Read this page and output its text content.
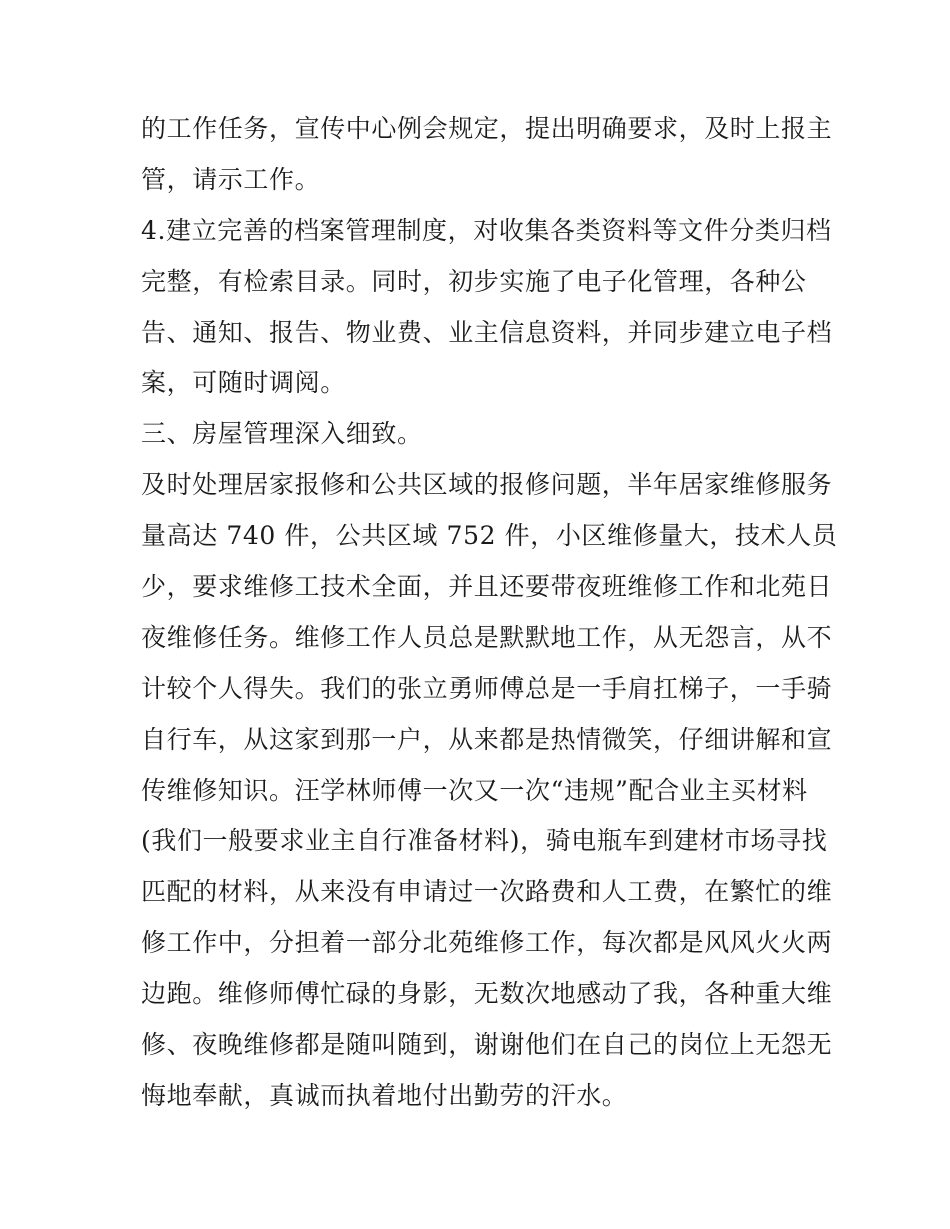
的工作任务，宣传中心例会规定，提出明确要求，及时上报主
管，请示工作。
4.建立完善的档案管理制度，对收集各类资料等文件分类归档
完整，有检索目录。同时，初步实施了电子化管理，各种公
告、通知、报告、物业费、业主信息资料，并同步建立电子档
案，可随时调阅。
三、房屋管理深入细致。
及时处理居家报修和公共区域的报修问题，半年居家维修服务
量高达 740 件，公共区域 752 件，小区维修量大，技术人员
少，要求维修工技术全面，并且还要带夜班维修工作和北苑日
夜维修任务。维修工作人员总是默默地工作，从无怨言，从不
计较个人得失。我们的张立勇师傅总是一手肩扛梯子，一手骑
自行车，从这家到那一户，从来都是热情微笑，仔细讲解和宣
传维修知识。汪学林师傅一次又一次“违规”配合业主买材料
(我们一般要求业主自行准备材料)，骑电瓶车到建材市场寻找
匹配的材料，从来没有申请过一次路费和人工费，在繁忙的维
修工作中，分担着一部分北苑维修工作，每次都是风风火火两
边跑。维修师傅忙碌的身影，无数次地感动了我，各种重大维
修、夜晚维修都是随叫随到，谢谢他们在自己的岗位上无怨无
悔地奉献，真诚而执着地付出勤劳的汗水。
